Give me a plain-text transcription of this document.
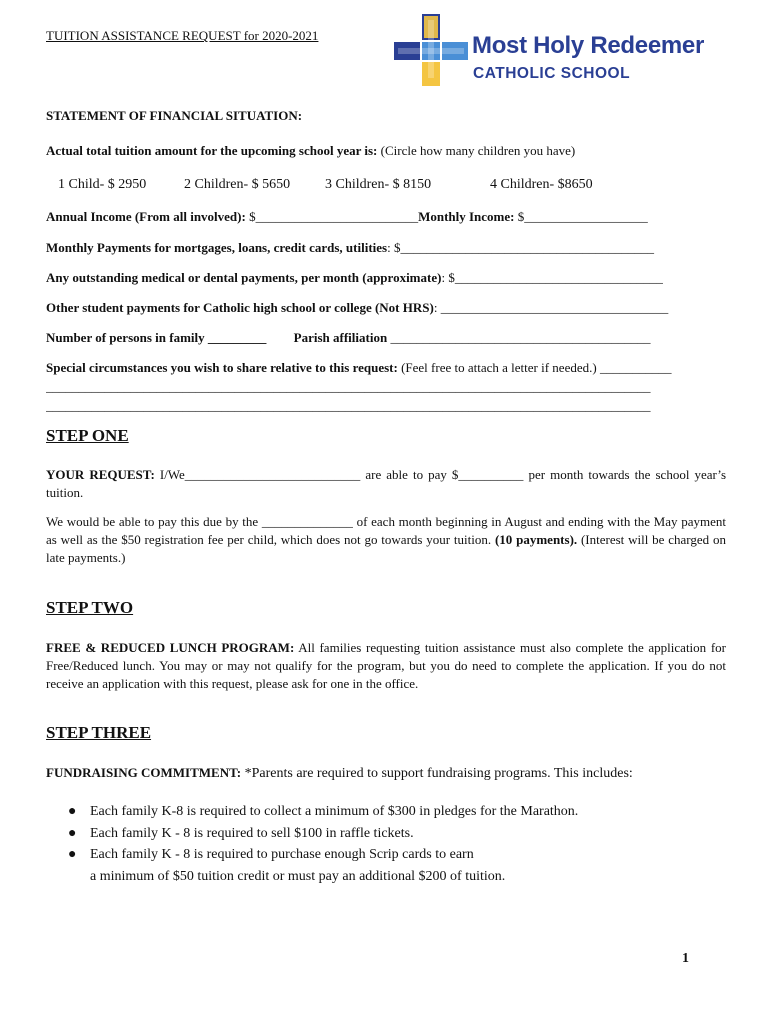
TUITION ASSISTANCE REQUEST for 2020-2021	Most Holy Redeemer
CATHOLIC SCHOOL
STATEMENT OF FINANCIAL SITUATION:
Actual total tuition amount for the upcoming school year is: (Circle how many children you have)
1 Child- $ 2950	2 Children- $ 5650 3 Children- $ 8150	4 Children- $8650
Annual Income (From all involved): $_________________________Monthly Income: $___________________
Monthly Payments for mortgages, loans, credit cards, utilities: $_______________________________________
Any outstanding medical or dental payments, per month (approximate): $________________________________
Other student payments for Catholic high school or college (Not HRS): ___________________________________
Number of persons in family _________ Parish affiliation ________________________________________
Special circumstances you wish to share relative to this request: (Feel free to attach a letter if needed.) ___________
_____________________________________________________________________________________________
_____________________________________________________________________________________________
STEP ONE
YOUR REQUEST: I/We___________________________ are able to pay $__________ per month towards the school year’s tuition.
We would be able to pay this due by the ______________ of each month beginning in August and ending with the May payment as well as the $50 registration fee per child, which does not go towards your tuition. (10 payments). (Interest will be charged on late payments.)
STEP TWO
FREE & REDUCED LUNCH PROGRAM: All families requesting tuition assistance must also complete the application for Free/Reduced lunch. You may or may not qualify for the program, but you do need to complete the application. If you do not receive an application with this request, please ask for one in the office.
STEP THREE
FUNDRAISING COMMITMENT: *Parents are required to support fundraising programs. This includes:
● Each family K-8 is required to collect a minimum of $300 in pledges for the Marathon.
● Each family K - 8 is required to sell $100 in raffle tickets.
● Each family K - 8 is required to purchase enough Scrip cards to earn
a minimum of $50 tuition credit or must pay an additional $200 of tuition.
1
